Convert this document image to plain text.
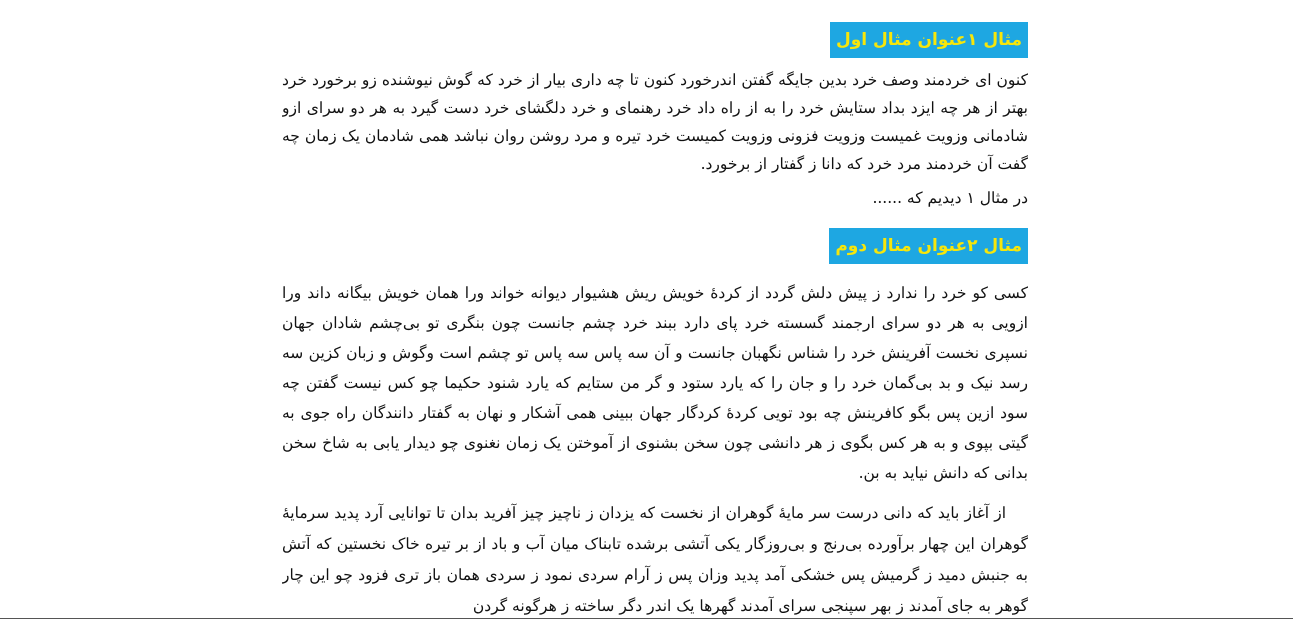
مثال ۱عنوان مثال اول

کنون ای خردمند وصف خرد بدین جایگه گفتن اندرخورد کنون تا چه داری بیار از خرد که گوش نیوشنده زو برخورد خرد بهتر از هر چه ایزد بداد ستایش خرد را به از راه داد خرد رهنمای و خرد دلگشای خرد دست گیرد به هر دو سرای ازو شادمانی وزویت غمیست وزویت فزونی وزویت کمیست خرد تیره و مرد روشن روان نباشد همی شادمان یک زمان چه گفت آن خردمند مرد خرد که دانا ز گفتار از برخورد.

در مثال ۱ دیدیم که ......

مثال ۲عنوان مثال دوم

کسی کو خرد را ندارد ز پیش دلش گردد از کردهٔ خویش ریش هشیوار دیوانه خواند ورا همان خویش بیگانه داند ورا ازویی به هر دو سرای ارجمند گسسته خرد پای دارد ببند خرد چشم جانست چون بنگری تو بی‌چشم شادان جهان نسپری نخست آفرینش خرد را شناس نگهبان جانست و آن سه پاس سه پاس تو چشم است وگوش و زبان کزین سه رسد نیک و بد بی‌گمان خرد را و جان را که یارد ستود و گر من ستایم که یارد شنود حکیما چو کس نیست گفتن چه سود ازین پس بگو کافرینش چه بود تویی کردهٔ کردگار جهان ببینی همی آشکار و نهان به گفتار دانندگان راه جوی به گیتی بپوی و به هر کس بگوی ز هر دانشی چون سخن بشنوی از آموختن یک زمان نغنوی چو دیدار یابی به شاخ سخن بدانی که دانش نیاید به بن.

از آغاز باید که دانی درست سر مایهٔ گوهران از نخست که یزدان ز ناچیز چیز آفرید بدان تا توانایی آرد پدید سرمایهٔ گوهران این چهار برآورده بی‌رنج و بی‌روزگار یکی آتشی برشده تابناک میان آب و باد از بر تیره خاک نخستین که آتش به جنبش دمید ز گرمیش پس خشکی آمد پدید وزان پس ز آرام سردی نمود ز سردی همان باز تری فزود چو این چار گوهر به جای آمدند ز بهر سپنجی سرای آمدند گهرها یک اندر دگر ساخته ز هرگونه گردن
